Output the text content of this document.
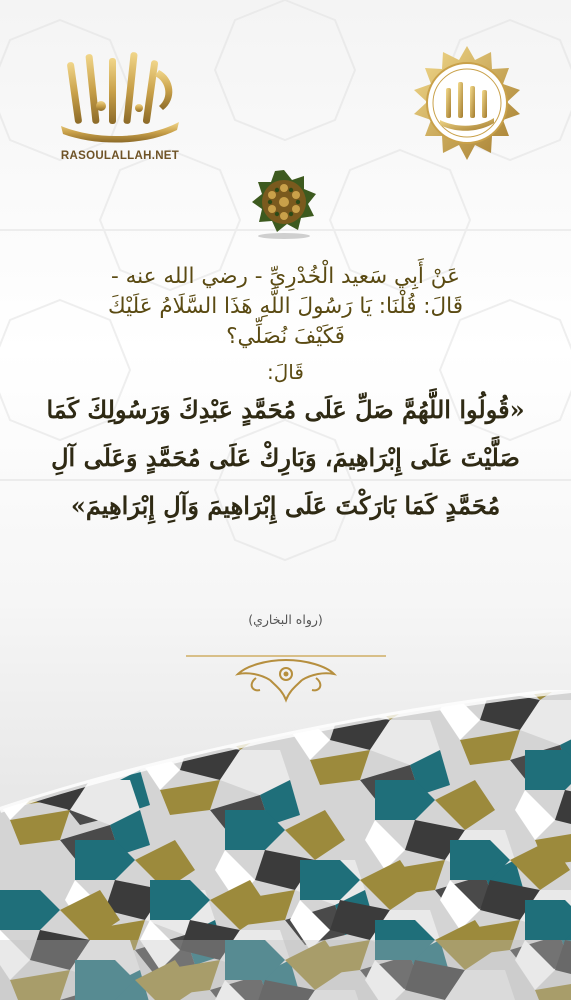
RASOULALLAH.NET

عَنْ أَبِي سَعيد الْخُدْرِيِّ - رضي الله عنه -

قَالَ: قُلْنَا: يَا رَسُولَ اللَّهِ هَذَا السَّلَامُ عَلَيْكَ

فَكَيْفَ نُصَلِّي؟

قَالَ:

«قُولُوا اللَّهُمَّ صَلِّ عَلَى مُحَمَّدٍ عَبْدِكَ وَرَسُولِكَ كَمَا

صَلَّيْتَ عَلَى إِبْرَاهِيمَ، وَبَارِكْ عَلَى مُحَمَّدٍ وَعَلَى آلِ

مُحَمَّدٍ كَمَا بَارَكْتَ عَلَى إِبْرَاهِيمَ وَآلِ إِبْرَاهِيمَ»

(رواه البخاري)
